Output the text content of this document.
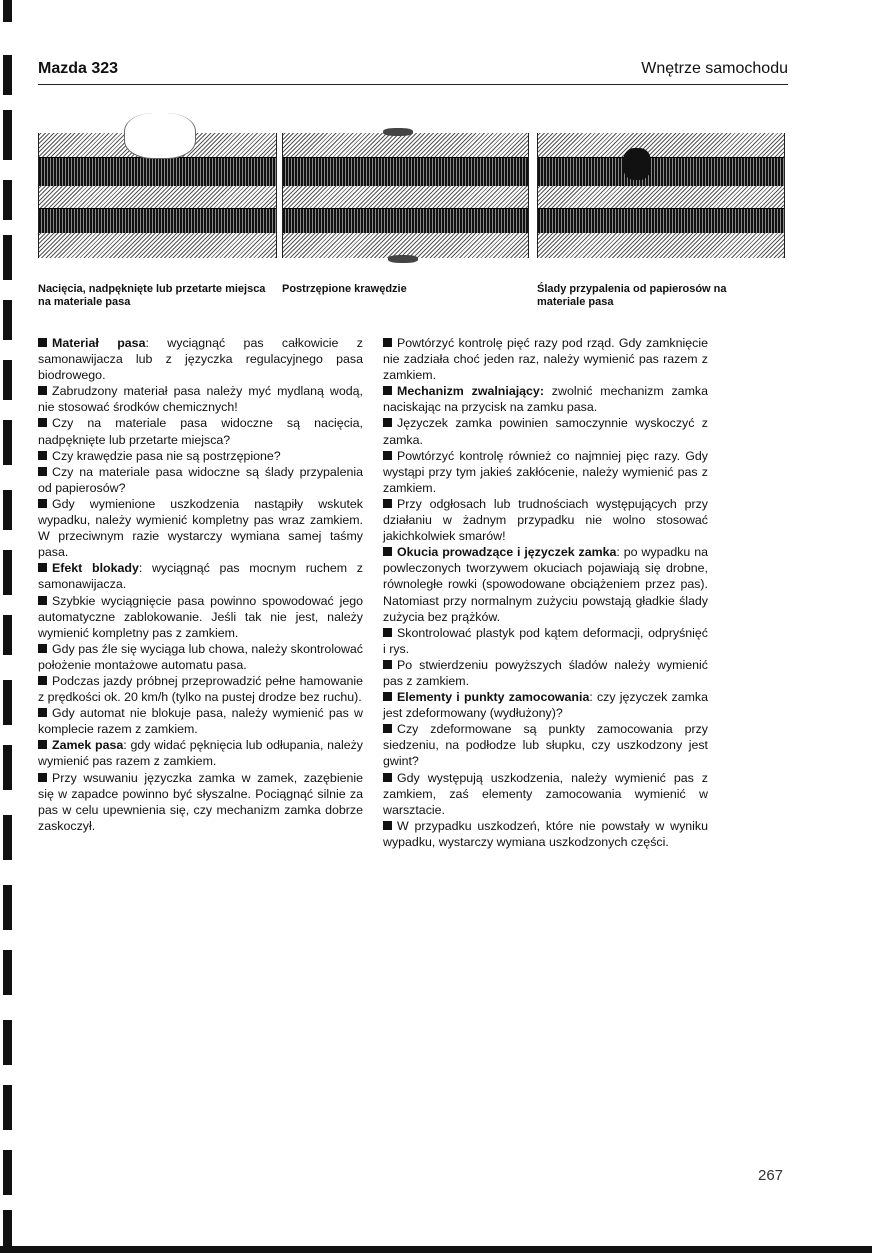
Mazda 323	Wnętrze samochodu
Nacięcia, nadpęknięte lub przetarte miejsca na materiale pasa
Postrzępione krawędzie	Ślady przypalenia od papierosów na materiale pasa

Materiał pasa: wyciągnąć pas całkowicie z samonawijacza lub z języczka regulacyjnego pasa biodrowego.

Zabrudzony materiał pasa należy myć mydlaną wodą, nie stosować środków chemicznych!

Czy na materiale pasa widoczne są nacięcia, nadpęknięte lub przetarte miejsca?

Czy krawędzie pasa nie są postrzępione?

Czy na materiale pasa widoczne są ślady przypalenia od papierosów?

Gdy wymienione uszkodzenia nastąpiły wskutek wypadku, należy wymienić kompletny pas wraz zamkiem. W przeciwnym razie wystarczy wymiana samej taśmy pasa.

Efekt blokady: wyciągnąć pas mocnym ruchem z samonawijacza.

Szybkie wyciągnięcie pasa powinno spowodować jego automatyczne zablokowanie. Jeśli tak nie jest, należy wymienić kompletny pas z zamkiem.

Gdy pas źle się wyciąga lub chowa, należy skontrolować położenie montażowe automatu pasa.

Podczas jazdy próbnej przeprowadzić pełne hamowanie z prędkości ok. 20 km/h (tylko na pustej drodze bez ruchu).

Gdy automat nie blokuje pasa, należy wymienić pas w komplecie razem z zamkiem.

Zamek pasa: gdy widać pęknięcia lub odłupania, należy wymienić pas razem z zamkiem.

Przy wsuwaniu języczka zamka w zamek, zazębienie się w zapadce powinno być słyszalne. Pociągnąć silnie za pas w celu upewnienia się, czy mechanizm zamka dobrze zaskoczył.

Powtórzyć kontrolę pięć razy pod rząd. Gdy zamknięcie nie zadziała choć jeden raz, należy wymienić pas razem z zamkiem.

Mechanizm zwalniający: zwolnić mechanizm zamka naciskając na przycisk na zamku pasa.

Języczek zamka powinien samoczynnie wyskoczyć z zamka.

Powtórzyć kontrolę również co najmniej pięc razy. Gdy wystąpi przy tym jakieś zakłócenie, należy wymienić pas z zamkiem.

Przy odgłosach lub trudnościach występujących przy działaniu w żadnym przypadku nie wolno stosować jakichkolwiek smarów!

Okucia prowadzące i języczek zamka: po wypadku na powleczonych tworzywem okuciach pojawiają się drobne, równoległe rowki (spowodowane obciążeniem przez pas). Natomiast przy normalnym zużyciu powstają gładkie ślady zużycia bez prążków.

Skontrolować plastyk pod kątem deformacji, odpryśnięć i rys.

Po stwierdzeniu powyższych śladów należy wymienić pas z zamkiem.

Elementy i punkty zamocowania: czy języczek zamka jest zdeformowany (wydłużony)?

Czy zdeformowane są punkty zamocowania przy siedzeniu, na podłodze lub słupku, czy uszkodzony jest gwint?

Gdy występują uszkodzenia, należy wymienić pas z zamkiem, zaś elementy zamocowania wymienić w warsztacie.

W przypadku uszkodzeń, które nie powstały w wyniku wypadku, wystarczy wymiana uszkodzonych części.

267
